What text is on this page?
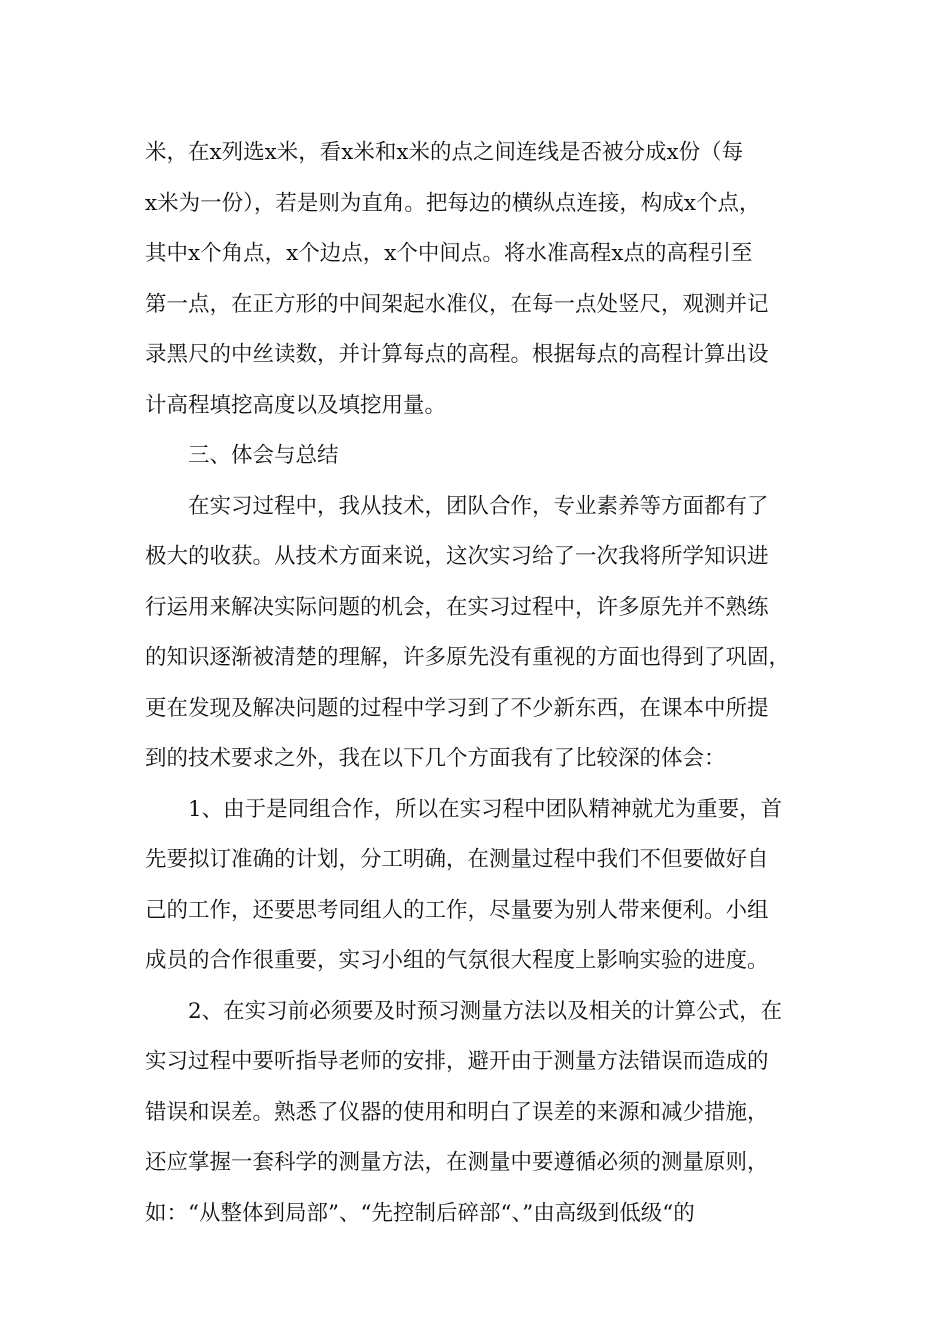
米，在x列选x米，看x米和x米的点之间连线是否被分成x份（每
x米为一份），若是则为直角。把每边的横纵点连接，构成x个点，
其中x个角点，x个边点，x个中间点。将水准高程x点的高程引至
第一点，在正方形的中间架起水准仪，在每一点处竖尺，观测并记
录黑尺的中丝读数，并计算每点的高程。根据每点的高程计算出设
计高程填挖高度以及填挖用量。
三、体会与总结
在实习过程中，我从技术，团队合作，专业素养等方面都有了
极大的收获。从技术方面来说，这次实习给了一次我将所学知识进
行运用来解决实际问题的机会，在实习过程中，许多原先并不熟练
的知识逐渐被清楚的理解，许多原先没有重视的方面也得到了巩固，
更在发现及解决问题的过程中学习到了不少新东西，在课本中所提
到的技术要求之外，我在以下几个方面我有了比较深的体会：
1、由于是同组合作，所以在实习程中团队精神就尤为重要，首
先要拟订准确的计划，分工明确，在测量过程中我们不但要做好自
己的工作，还要思考同组人的工作，尽量要为别人带来便利。小组
成员的合作很重要，实习小组的气氛很大程度上影响实验的进度。
2、在实习前必须要及时预习测量方法以及相关的计算公式，在
实习过程中要听指导老师的安排，避开由于测量方法错误而造成的
错误和误差。熟悉了仪器的使用和明白了误差的来源和减少措施，
还应掌握一套科学的测量方法，在测量中要遵循必须的测量原则，
如：“从整体到局部”、“先控制后碎部“、”由高级到低级“的
